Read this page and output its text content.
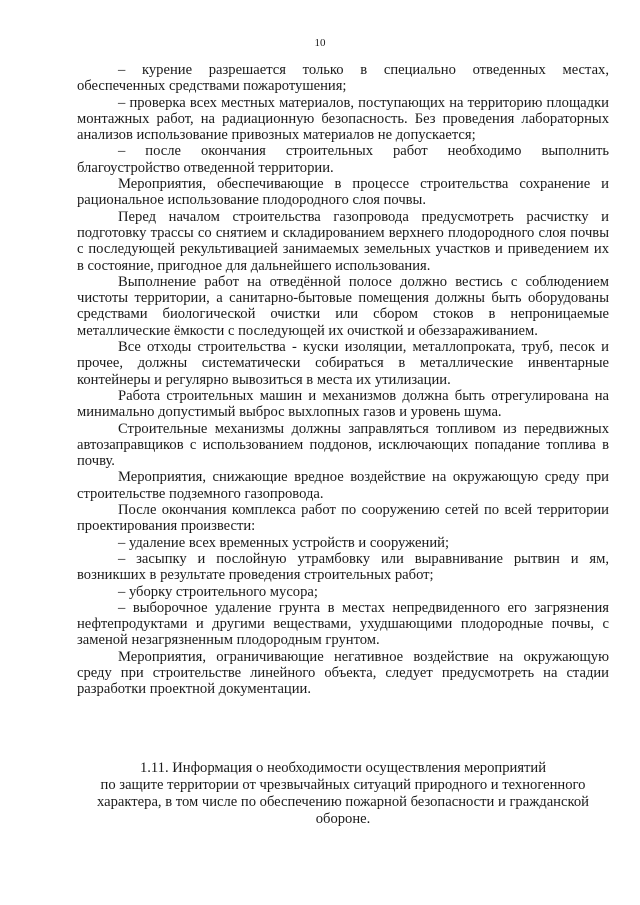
10

– курение разрешается только в специально отведенных местах, обеспеченных средствами пожаротушения;

– проверка всех местных материалов, поступающих на территорию площадки монтажных работ, на радиационную безопасность. Без проведения лабораторных анализов использование привозных материалов не допускается;

– после окончания строительных работ необходимо выполнить благоустройство отведенной территории.

Мероприятия, обеспечивающие в процессе строительства сохранение и рациональное использование плодородного слоя почвы.

Перед началом строительства газопровода предусмотреть расчистку и подготовку трассы со снятием и складированием верхнего плодородного слоя почвы с последующей рекультивацией занимаемых земельных участков и приведением их в состояние, пригодное для дальнейшего использования.

Выполнение работ на отведённой полосе должно вестись с соблюдением чистоты территории, а санитарно-бытовые помещения должны быть оборудованы средствами биологической очистки или сбором стоков в непроницаемые металлические ёмкости с последующей их очисткой и обеззараживанием.

Все отходы строительства - куски изоляции, металлопроката, труб, песок и прочее, должны систематически собираться в металлические инвентарные контейнеры и регулярно вывозиться в места их утилизации.

Работа строительных машин и механизмов должна быть отрегулирована на минимально допустимый выброс выхлопных газов и уровень шума.

Строительные механизмы должны заправляться топливом из передвижных автозаправщиков с использованием поддонов, исключающих попадание топлива в почву.

Мероприятия, снижающие вредное воздействие на окружающую среду при строительстве подземного газопровода.

После окончания комплекса работ по сооружению сетей по всей территории проектирования произвести:

– удаление всех временных устройств и сооружений;

– засыпку и послойную утрамбовку или выравнивание рытвин и ям, возникших в результате проведения строительных работ;

– уборку строительного мусора;

– выборочное удаление грунта в местах непредвиденного его загрязнения нефтепродуктами и другими веществами, ухудшающими плодородные почвы, с заменой незагрязненным плодородным грунтом.

Мероприятия, ограничивающие негативное воздействие на окружающую среду при строительстве линейного объекта, следует предусмотреть на стадии разработки проектной документации.

1.11. Информация о необходимости осуществления мероприятий
по защите территории от чрезвычайных ситуаций природного и техногенного
характера, в том числе по обеспечению пожарной безопасности и гражданской
обороне.
